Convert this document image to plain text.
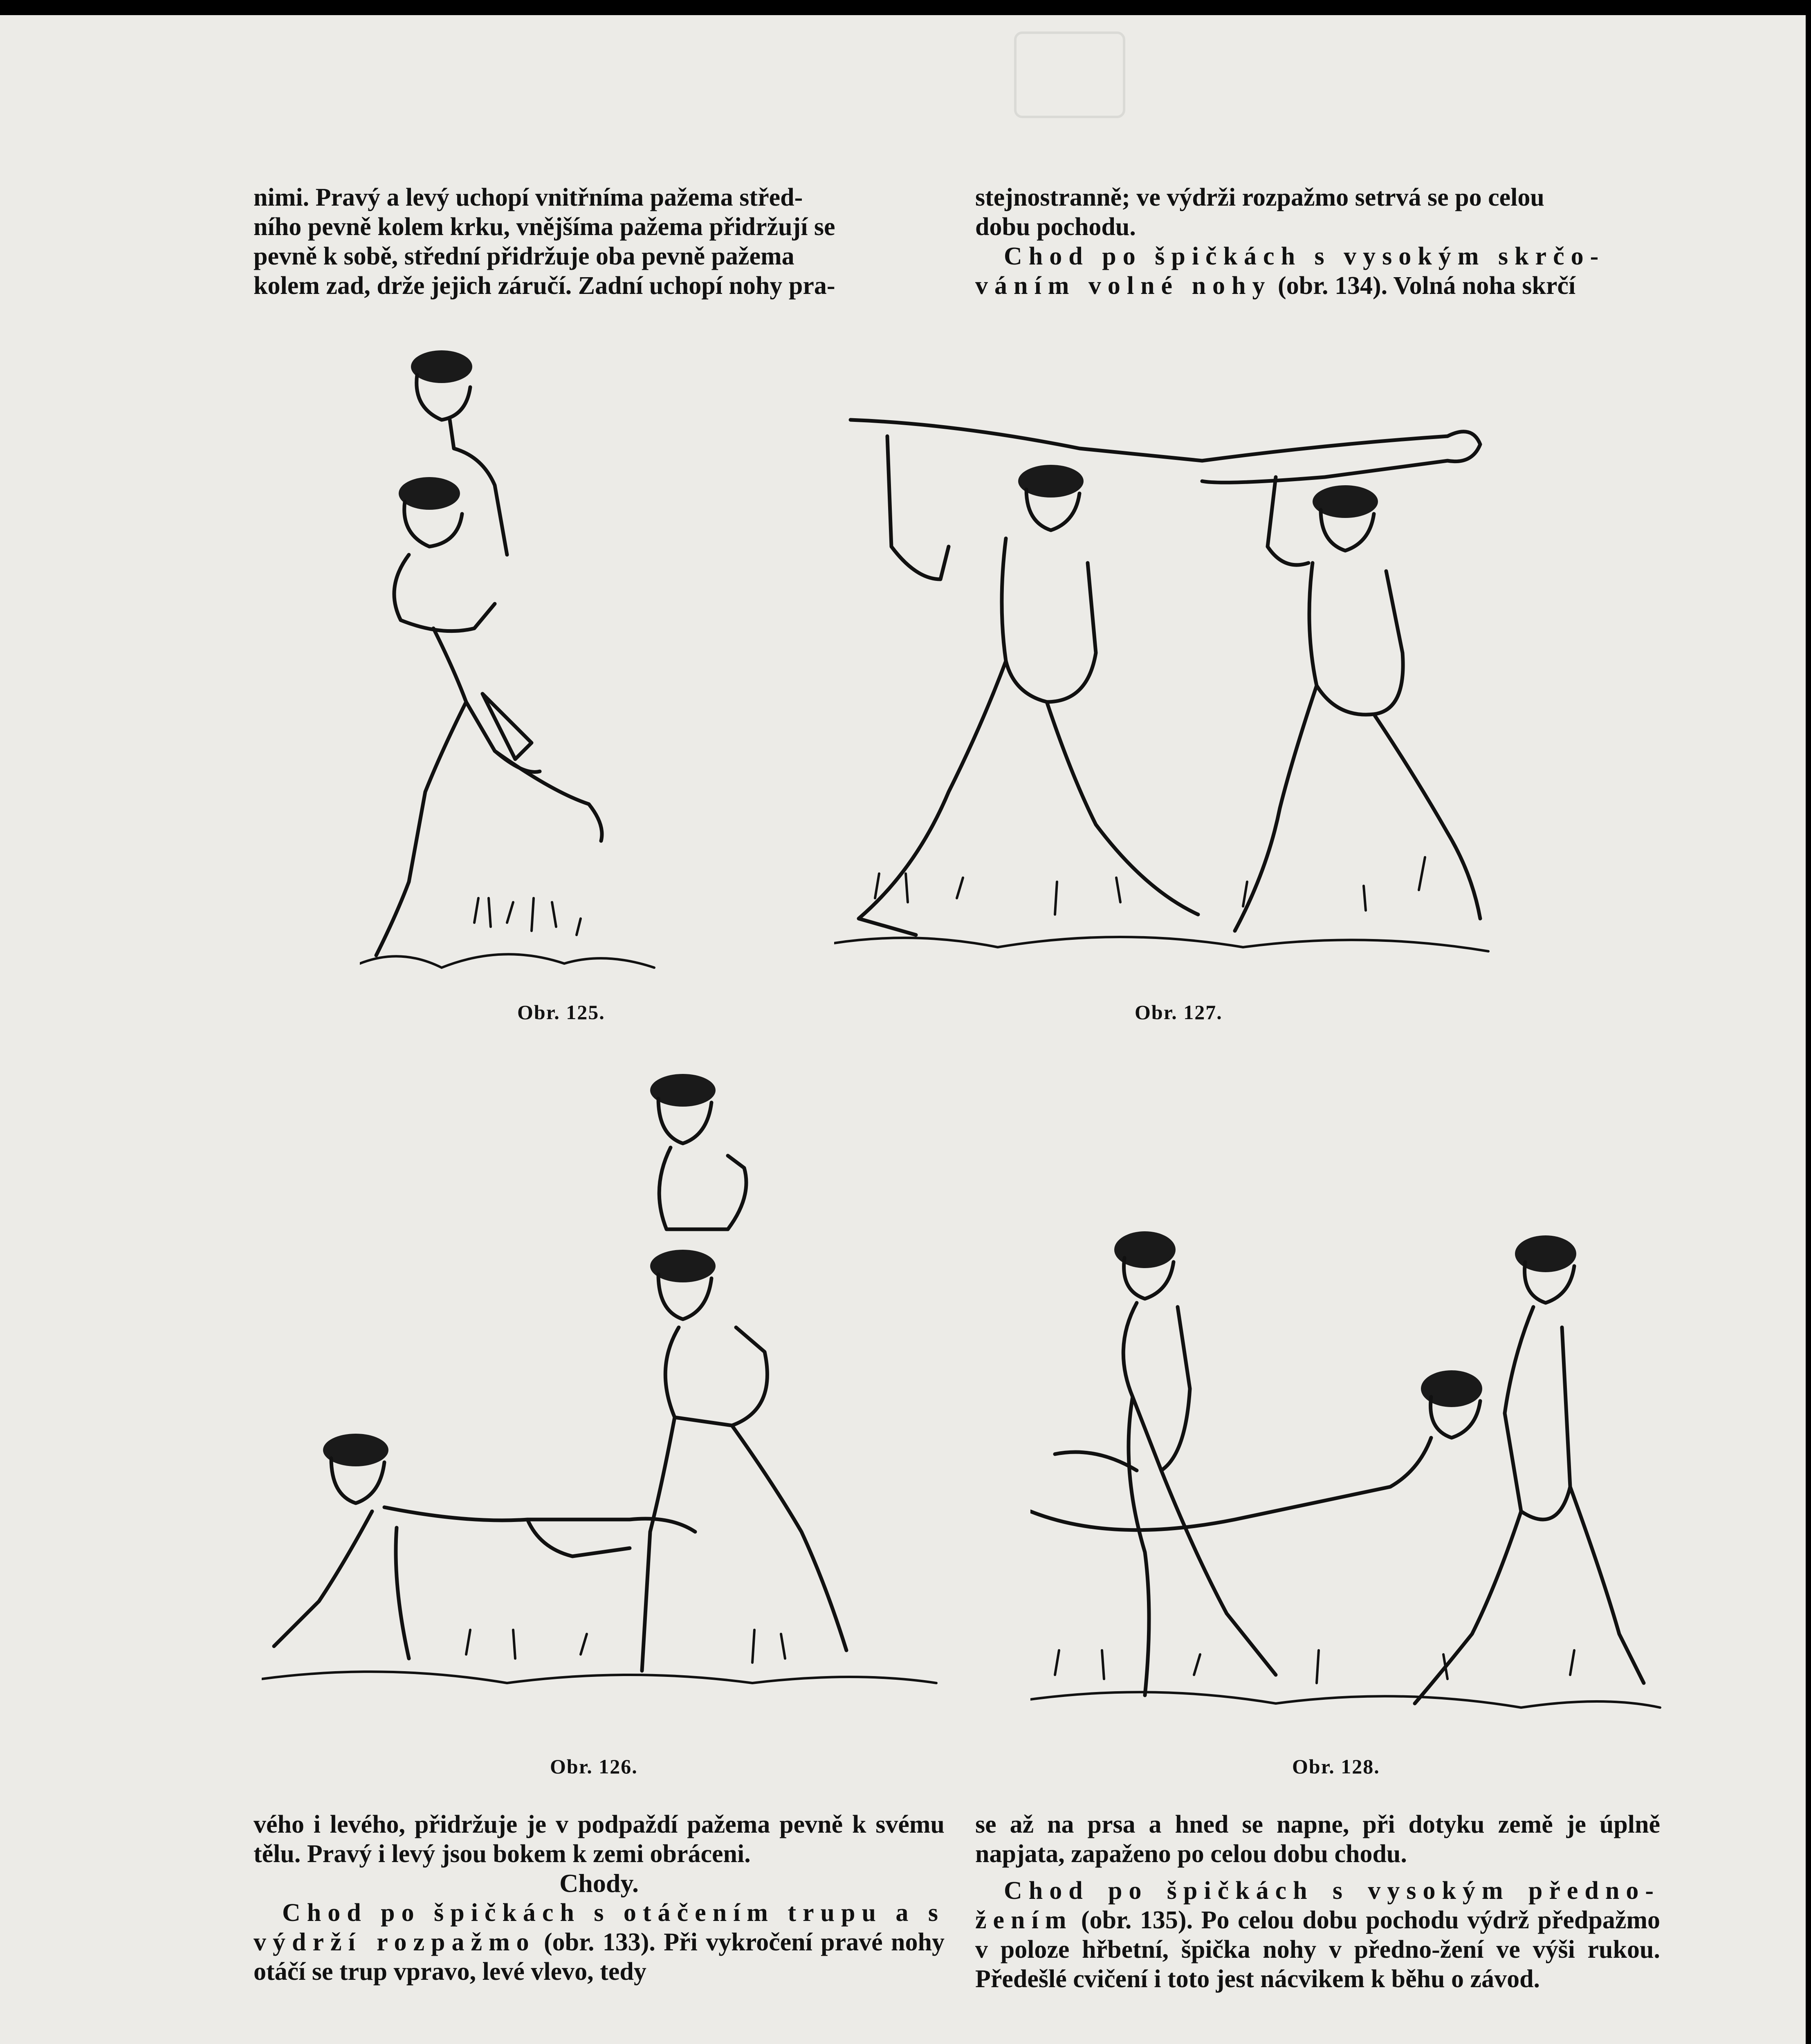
nimi. Pravý a levý uchopí vnitřníma pažema střed-

ního pevně kolem krku, vnějšíma pažema přidržují se

pevně k sobě, střední přidržuje oba pevně pažema

kolem zad, drže jejich záručí. Zadní uchopí nohy pra-

stejnostranně; ve výdrži rozpažmo setrvá se po celou

dobu pochodu.

Chod po špičkách s vysokým skrčo-

váním volné nohy (obr. 134). Volná noha skrčí

Obr. 125.	Obr. 127.
Obr. 126.	Obr. 128.

vého i levého, přidržuje je v podpaždí pažema pevně k svému tělu. Pravý i levý jsou bokem k zemi obráceni.

Chody.

Chod po špičkách s otáčením trupu a s výdrží rozpažmo (obr. 133). Při vykročení pravé nohy otáčí se trup vpravo, levé vlevo, tedy

se až na prsa a hned se napne, při dotyku země je úplně napjata, zapaženo po celou dobu chodu.

Chod po špičkách s vysokým předno-žením (obr. 135). Po celou dobu pochodu výdrž předpažmo v poloze hřbetní, špička nohy v předno-žení ve výši rukou. Předešlé cvičení i toto jest nácvikem k běhu o závod.
